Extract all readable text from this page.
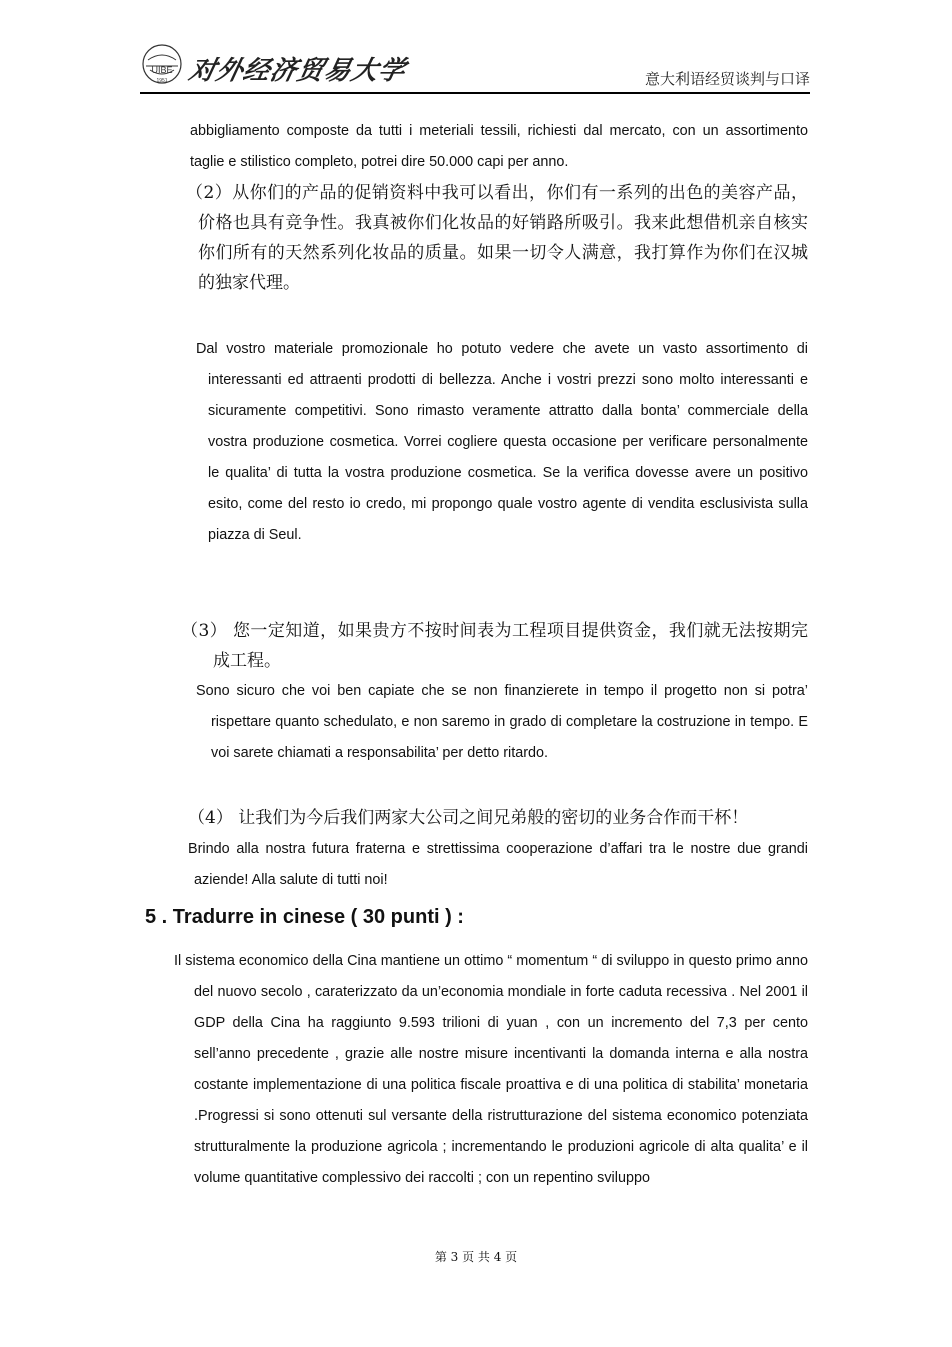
UIBE
1951 对外经济贸易大学	意大利语经贸谈判与口译
abbigliamento composte da tutti i meteriali tessili, richiesti dal mercato, con un assortimento taglie e stilistico completo, potrei dire 50.000 capi per anno.
（2）从你们的产品的促销资料中我可以看出，你们有一系列的出色的美容产品，价格也具有竞争性。我真被你们化妆品的好销路所吸引。我来此想借机亲自核实你们所有的天然系列化妆品的质量。如果一切令人满意，我打算作为你们在汉城的独家代理。
Dal vostro materiale promozionale ho potuto vedere che avete un vasto assortimento di interessanti ed attraenti prodotti di bellezza. Anche i vostri prezzi sono molto interessanti e sicuramente competitivi. Sono rimasto veramente attratto dalla bonta’ commerciale della vostra produzione cosmetica. Vorrei cogliere questa occasione per verificare personalmente le qualita’ di tutta la vostra produzione cosmetica. Se la verifica dovesse avere un positivo esito, come del resto io credo, mi propongo quale vostro agente di vendita esclusivista sulla piazza di Seul.
（3） 您一定知道，如果贵方不按时间表为工程项目提供资金，我们就无法按期完成工程。
Sono sicuro che voi ben capiate che se non finanzierete in tempo il progetto non si potra’ rispettare quanto schedulato, e non saremo in grado di completare la costruzione in tempo. E voi sarete chiamati a responsabilita’ per detto ritardo.
（4） 让我们为今后我们两家大公司之间兄弟般的密切的业务合作而干杯！
Brindo alla nostra futura fraterna e strettissima cooperazione d’affari tra le nostre due grandi aziende! Alla salute di tutti noi!
5 . Tradurre in cinese ( 30 punti ) :
Il sistema economico della Cina mantiene un ottimo “ momentum “ di sviluppo in questo primo anno del nuovo secolo , caraterizzato da un’economia mondiale in forte caduta recessiva . Nel 2001 il GDP della Cina ha raggiunto 9.593 trilioni di yuan , con un incremento del 7,3 per cento sell’anno precedente , grazie alle nostre misure incentivanti la domanda interna e alla nostra costante implementazione di una politica fiscale proattiva e di una politica di stabilita’ monetaria .Progressi si sono ottenuti sul versante della ristrutturazione del sistema economico potenziata strutturalmente la produzione agricola ; incrementando le produzioni agricole di alta qualita’ e il volume quantitative complessivo dei raccolti ; con un repentino sviluppo
第 3 页 共 4 页
